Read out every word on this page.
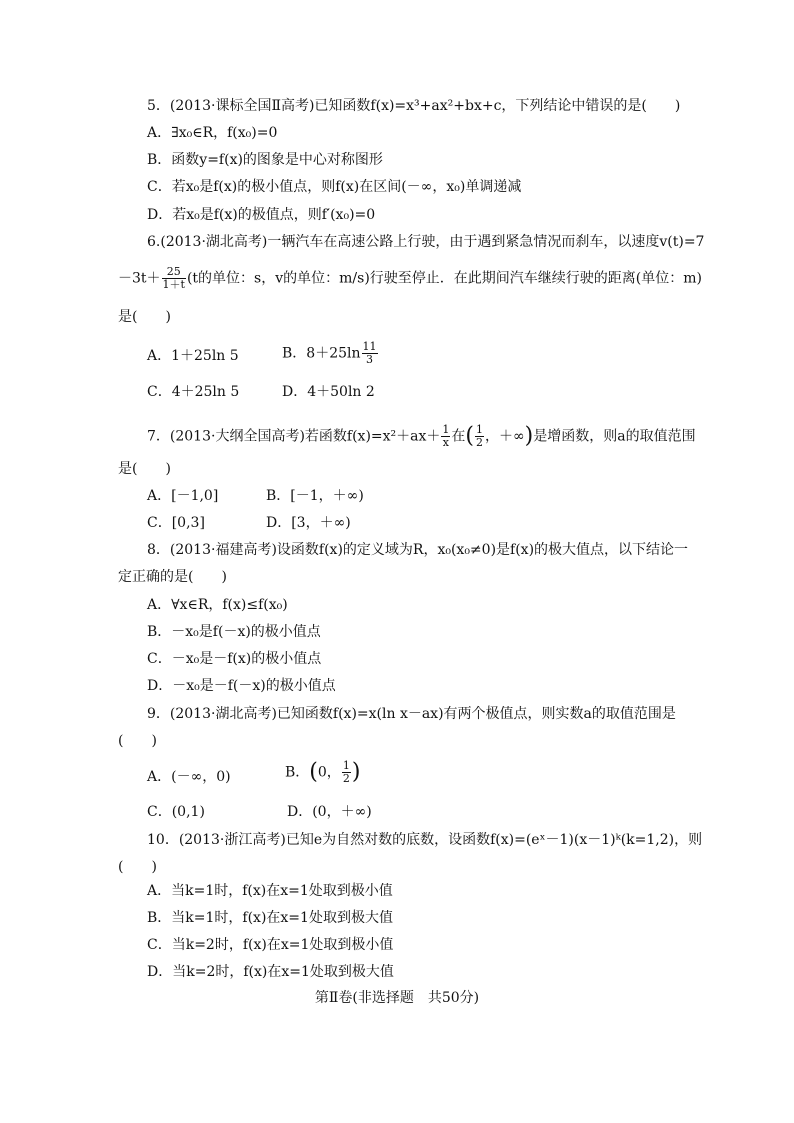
5．(2013·课标全国Ⅱ高考)已知函数f(x)=x³+ax²+bx+c，下列结论中错误的是(　　)
A．∃x₀∈R，f(x₀)=0
B．函数y=f(x)的图象是中心对称图形
C．若x₀是f(x)的极小值点，则f(x)在区间(－∞，x₀)单调递减
D．若x₀是f(x)的极值点，则f′(x₀)=0
6.(2013·湖北高考)一辆汽车在高速公路上行驶，由于遇到紧急情况而刹车，以速度v(t)=7
$-3t+ \frac{25}{1+t} (t$的单位：s，v的单位：m/s)行驶至停止．在此期间汽车继续行驶的距离(单位：m)
是(　　)
A．1＋25ln 5	B．$8+25\ln \frac{11}{3}$
C．4＋25ln 5	D．4＋50ln 2
7．(2013·大纲全国高考)若函数$f(x)=x^2+ax+ \frac{1}{x}$ 在( $\frac{1}{2}$ ，＋∞)是增函数，则a的取值范围
是(　　)
A．[－1,0]	B．[－1，＋∞)
C．[0,3]	D．[3，＋∞)
8．(2013·福建高考)设函数f(x)的定义域为R，x₀(x₀≠0)是f(x)的极大值点，以下结论一
定正确的是(　　)
A．∀x∈R，f(x)≤f(x₀)
B．－x₀是f(－x)的极小值点
C．－x₀是－f(x)的极小值点
D．－x₀是－f(－x)的极小值点
9．(2013·湖北高考)已知函数f(x)=x(ln x－ax)有两个极值点，则实数a的取值范围是
(　　)
A．(－∞，0)	B．(0， $\frac{1}{2}$ )
C．(0,1)	D．(0，＋∞)
10．(2013·浙江高考)已知e为自然对数的底数，设函数f(x)=(eˣ－1)(x－1)ᵏ(k=1,2)，则
(　　)
A．当k=1时，f(x)在x=1处取到极小值
B．当k=1时，f(x)在x=1处取到极大值
C．当k=2时，f(x)在x=1处取到极小值
D．当k=2时，f(x)在x=1处取到极大值
第Ⅱ卷(非选择题　共50分)
